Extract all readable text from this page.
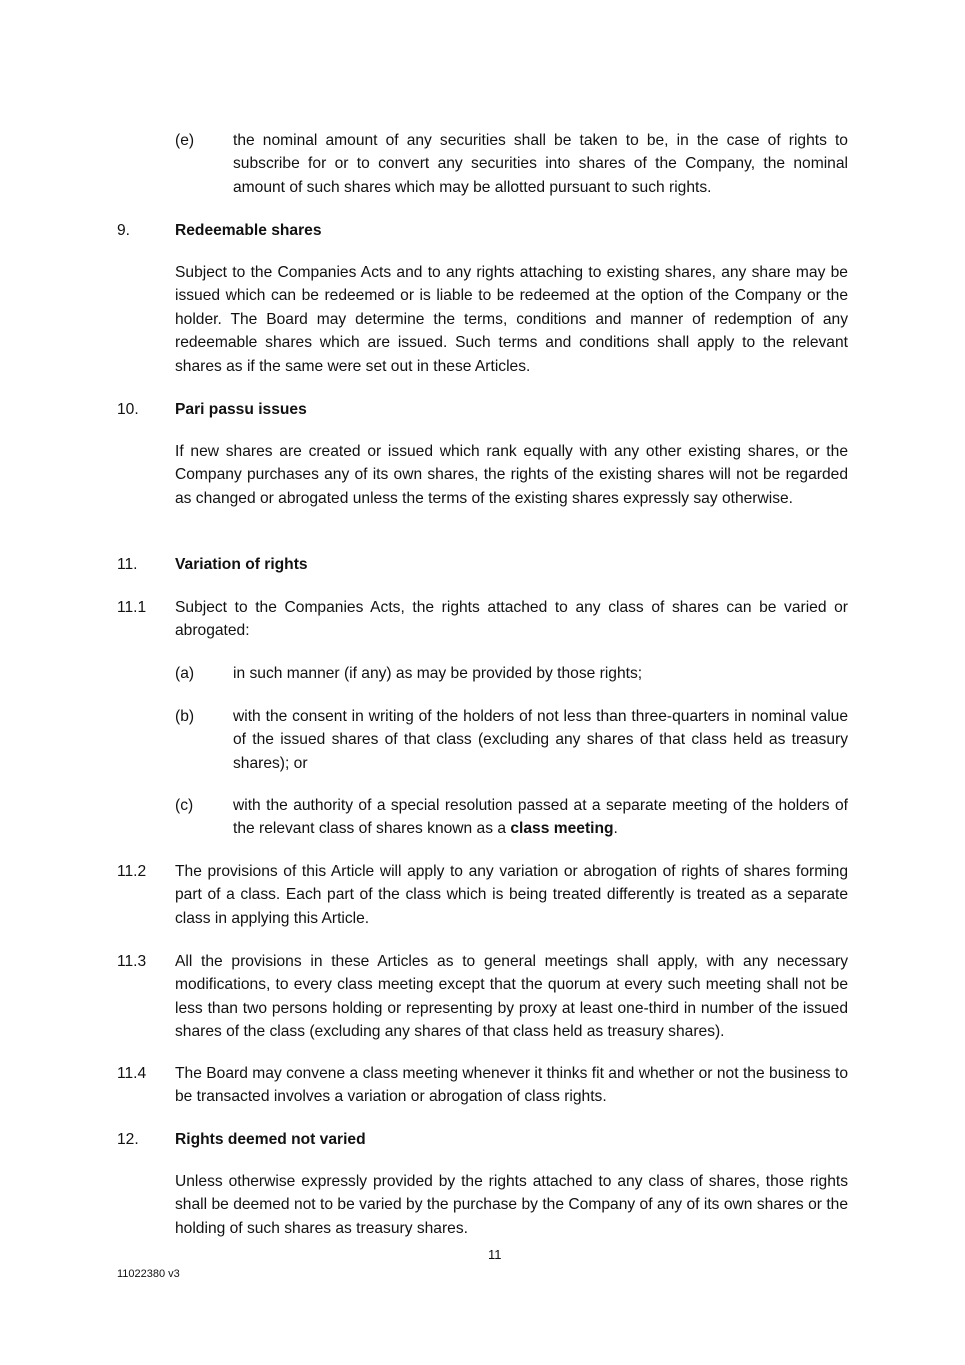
(e) the nominal amount of any securities shall be taken to be, in the case of rights to subscribe for or to convert any securities into shares of the Company, the nominal amount of such shares which may be allotted pursuant to such rights.
9.	Redeemable shares
Subject to the Companies Acts and to any rights attaching to existing shares, any share may be issued which can be redeemed or is liable to be redeemed at the option of the Company or the holder. The Board may determine the terms, conditions and manner of redemption of any redeemable shares which are issued. Such terms and conditions shall apply to the relevant shares as if the same were set out in these Articles.
10. Pari passu issues
If new shares are created or issued which rank equally with any other existing shares, or the Company purchases any of its own shares, the rights of the existing shares will not be regarded as changed or abrogated unless the terms of the existing shares expressly say otherwise.
11. Variation of rights
11.1 Subject to the Companies Acts, the rights attached to any class of shares can be varied or abrogated:
(a) in such manner (if any) as may be provided by those rights;
(b) with the consent in writing of the holders of not less than three-quarters in nominal value of the issued shares of that class (excluding any shares of that class held as treasury shares); or
(c)	with the authority of a special resolution passed at a separate meeting of the holders of the relevant class of shares known as a class meeting.
11.2 The provisions of this Article will apply to any variation or abrogation of rights of shares forming part of a class. Each part of the class which is being treated differently is treated as a separate class in applying this Article.
11.3 All the provisions in these Articles as to general meetings shall apply, with any necessary modifications, to every class meeting except that the quorum at every such meeting shall not be less than two persons holding or representing by proxy at least one-third in number of the issued shares of the class (excluding any shares of that class held as treasury shares).
11.4 The Board may convene a class meeting whenever it thinks fit and whether or not the business to be transacted involves a variation or abrogation of class rights.
12. Rights deemed not varied
Unless otherwise expressly provided by the rights attached to any class of shares, those rights shall be deemed not to be varied by the purchase by the Company of any of its own shares or the holding of such shares as treasury shares.
11
11022380 v3
